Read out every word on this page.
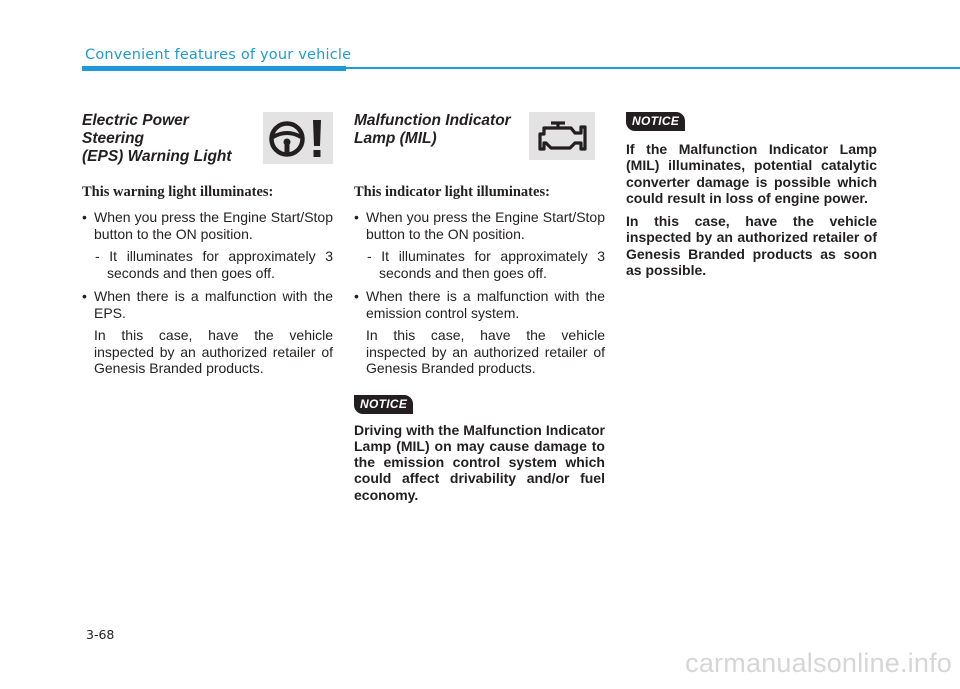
Convenient features of your vehicle
Electric Power Steering
(EPS) Warning Light
This warning light illuminates:

• When you press the Engine Start/Stop button to the ON position.

- It illuminates for approximately 3 seconds and then goes off.

• When there is a malfunction with the EPS.

In this case, have the vehicle inspected by an authorized retailer of Genesis Branded products.

Malfunction Indicator
Lamp (MIL)
This indicator light illuminates:

• When you press the Engine Start/Stop button to the ON position.

- It illuminates for approximately 3 seconds and then goes off.

• When there is a malfunction with the emission control system.

In this case, have the vehicle inspected by an authorized retailer of Genesis Branded products.

NOTICE

Driving with the Malfunction Indicator Lamp (MIL) on may cause damage to the emission control system which could affect drivability and/or fuel economy.

NOTICE

If the Malfunction Indicator Lamp (MIL) illuminates, potential catalytic converter damage is possible which could result in loss of engine power.

In this case, have the vehicle inspected by an authorized retailer of Genesis Branded products as soon as possible.

3-68
carmanualsonline.info
